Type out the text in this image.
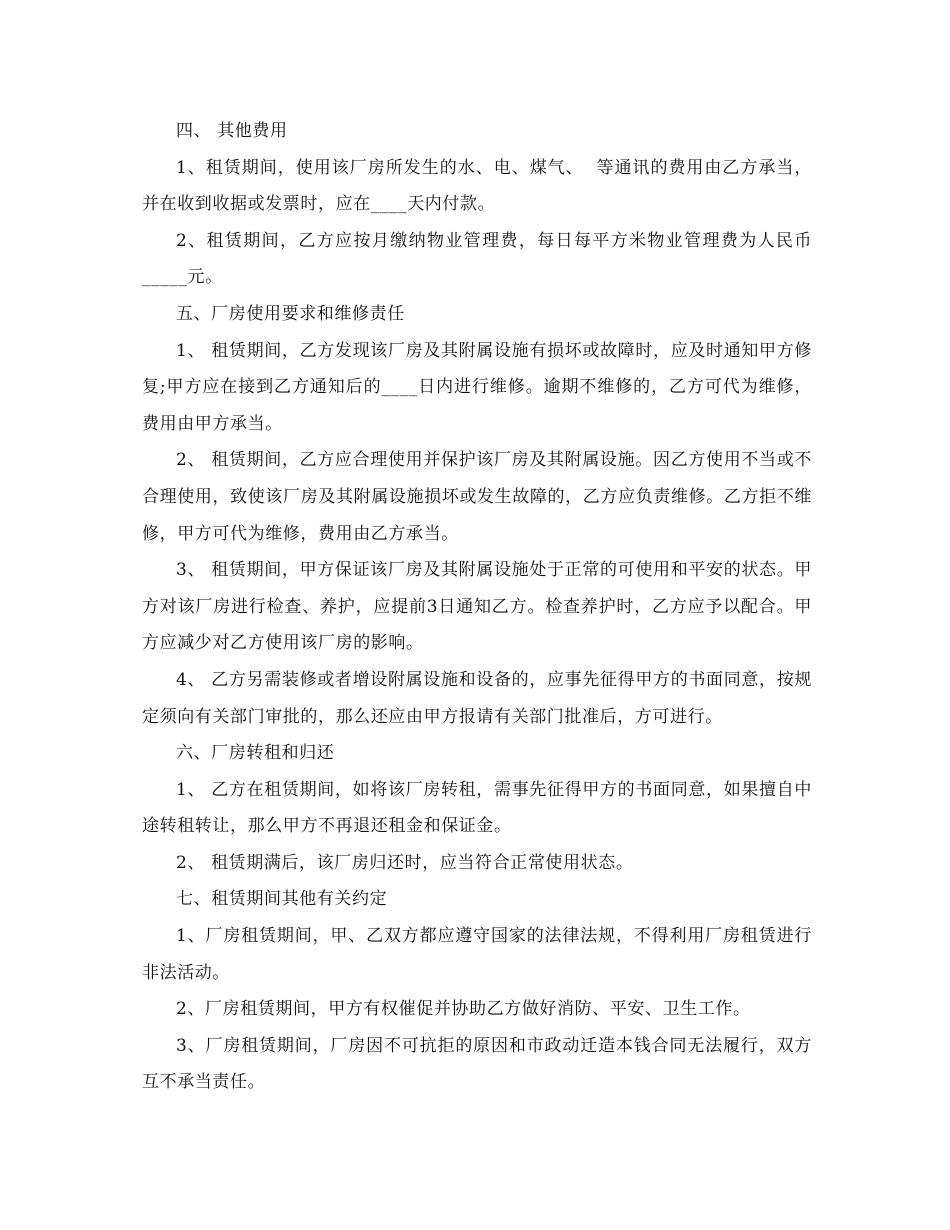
四、 其他费用

1、租赁期间，使用该厂房所发生的水、电、煤气、  等通讯的费用由乙方承当，并在收到收据或发票时，应在____天内付款。

2、租赁期间，乙方应按月缴纳物业管理费，每日每平方米物业管理费为人民币_____元。

五、厂房使用要求和维修责任

1、 租赁期间，乙方发现该厂房及其附属设施有损坏或故障时，应及时通知甲方修复;甲方应在接到乙方通知后的____日内进行维修。逾期不维修的，乙方可代为维修，费用由甲方承当。

2、 租赁期间，乙方应合理使用并保护该厂房及其附属设施。因乙方使用不当或不合理使用，致使该厂房及其附属设施损坏或发生故障的，乙方应负责维修。乙方拒不维修，甲方可代为维修，费用由乙方承当。

3、 租赁期间，甲方保证该厂房及其附属设施处于正常的可使用和平安的状态。甲方对该厂房进行检查、养护，应提前3日通知乙方。检查养护时，乙方应予以配合。甲方应减少对乙方使用该厂房的影响。

4、 乙方另需装修或者增设附属设施和设备的，应事先征得甲方的书面同意，按规定须向有关部门审批的，那么还应由甲方报请有关部门批准后，方可进行。

六、厂房转租和归还

1、 乙方在租赁期间，如将该厂房转租，需事先征得甲方的书面同意，如果擅自中途转租转让，那么甲方不再退还租金和保证金。

2、 租赁期满后，该厂房归还时，应当符合正常使用状态。

七、租赁期间其他有关约定

1、厂房租赁期间，甲、乙双方都应遵守国家的法律法规，不得利用厂房租赁进行非法活动。

2、厂房租赁期间，甲方有权催促并协助乙方做好消防、平安、卫生工作。

3、厂房租赁期间，厂房因不可抗拒的原因和市政动迁造本钱合同无法履行，双方互不承当责任。
